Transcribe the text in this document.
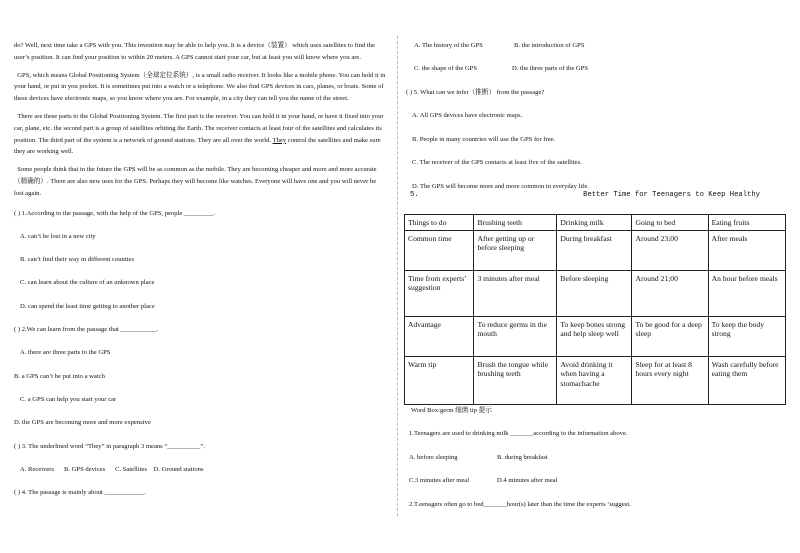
do? Well, next time take a GPS with you. This invention may be able to help you. It is a device（装置） which uses satellites to find the user’s position. It can find your position to within 20 meters. A GPS cannot start your car, but at least you will know where you are.

GPS, which means Global Positioning System（全球定位系统）, is a small radio receiver. It looks like a mobile phone. You can hold it in your hand, or put in you pocket. It is sometimes put into a watch or a telephone. We also find GPS devices in cars, planes, or boats. Some of these devices have electronic maps, so you know where you are. For example, in a city they can tell you the name of the street.

There are three parts to the Global Positioning System. The first part is the receiver. You can hold it in your hand, or have it fixed into your car, plane, etc. the second part is a group of satellites orbiting the Earth. The receiver contacts at least four of the satellites and calculates its position. The third part of the system is a network of ground stations. They are all over the world. They control the satellites and make sure they are working well.

Some people think that in the future the GPS will be as common as the mobile. They are becoming cheaper and more and more accurate（精确的）. There are also new uses for the GPS. Perhaps they will become like watches. Everyone will have one and you will never be lost again.

( ) 1.According to the passage, with the help of the GPS, people _________.
A. can’t be lost in a new city
B. can’t find their way in different counties
C. can learn about the culture of an unknown place
D. can spend the least time getting to another place
( ) 2.We can learn from the passage that ___________.
A. there are three parts to the GPS
B. a GPS can’t be put into a watch
C. a GPS can help you start your car
D. the GPS are becoming more and more expensive
( ) 3. The underlined word “They” in paragraph 3 means “__________”.
A. Receivers      B. GPS devices      C. Satellites    D. Ground stations
( ) 4. The passage is mainly about ____________.
A. The history of the GPS	B. the introduction of GPS
C. the shape of the GPS	D. the three parts of the GPS
( ) 5. What can we infer（推断） from the passage?
A. All GPS devices have electronic maps.
B. People in many countries will use the GPS for free.
C. The receiver of the GPS contacts at least five of the satellites.
D. The GPS will become more and more common in everyday life.
5.	Better Time for Teenagers to Keep Healthy
Things to do	Brushing teeth	Drinking milk	Going to bed	Eating fruits
Common time	After getting up or before sleeping	During breakfast	Around 23;00	After meals
Time from experts’ suggestion	3 minutes after meal	Before sleeping	Around 21;00	An hour before meals
Advantage	To reduce germs in the mouth	To keep bones strong and help sleep well	To be good for a deep sleep	To keep the body strong
Warm tip	Brush the tongue while brushing teeth	Avoid drinking it when having a stomachache	Sleep for at least 8 hours every night	Wash carefully before eating them
Word Box:germ 细菌 tip 提示
1.Teenagers are used to drinking milk _______according to the information above.
A. before sleeping	B. during breakfast
C.3 minutes after meal	D.4 minutes after meal
2.T.eenagers often go to bed_______hour(s) later than the time the experts ‘suggest.
